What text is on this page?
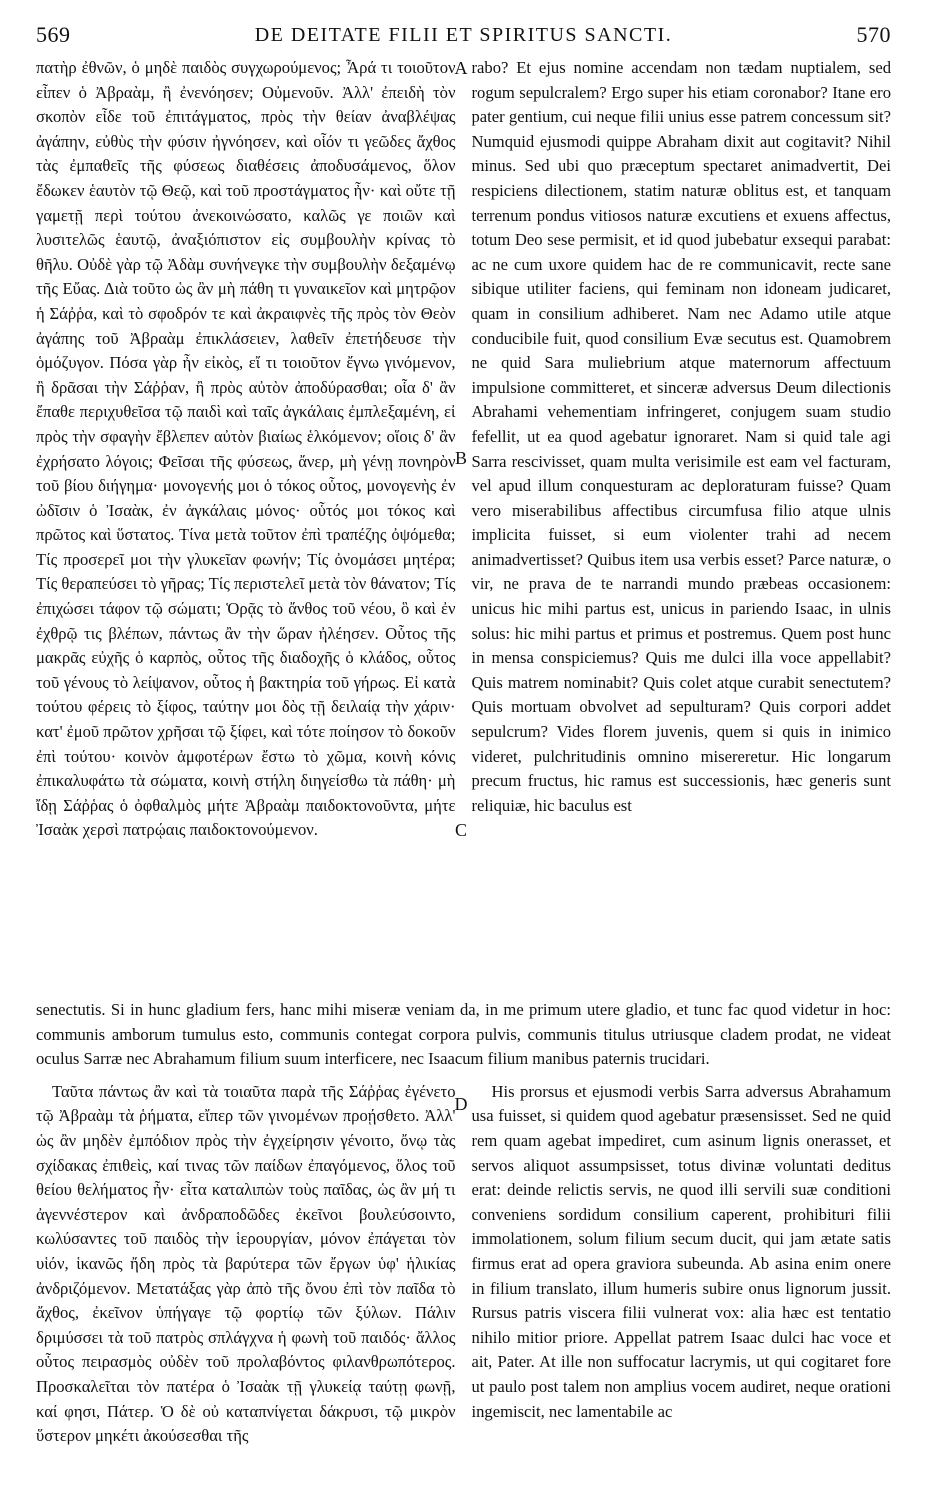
569	DE DEITATE FILII ET SPIRITUS SANCTI.	570

πατὴρ ἐθνῶν, ὁ μηδὲ παιδὸς συγχωρούμενος; Ἆρά τι τοιοῦτον εἶπεν ὁ Ἀβραὰμ, ἢ ἐνενόησεν; Οὐμενοῦν. Ἀλλ' ἐπειδὴ τὸν σκοπὸν εἶδε τοῦ ἐπιτάγματος, πρὸς τὴν θείαν ἀναβλέψας ἀγάπην, εὐθὺς τὴν φύσιν ἠγνόησεν, καὶ οἷόν τι γεῶδες ἄχθος τὰς ἐμπαθεῖς τῆς φύσεως διαθέσεις ἀποδυσάμενος, ὅλον ἔδωκεν ἑαυτὸν τῷ Θεῷ, καὶ τοῦ προστάγματος ἦν· καὶ οὔτε τῇ γαμετῇ περὶ τούτου ἀνεκοινώσατο, καλῶς γε ποιῶν καὶ λυσιτελῶς ἑαυτῷ, ἀναξιόπιστον εἰς συμβουλὴν κρίνας τὸ θῆλυ. Οὐδὲ γὰρ τῷ Ἀδὰμ συνήνεγκε τὴν συμβουλὴν δεξαμένῳ τῆς Εὔας. Διὰ τοῦτο ὡς ἂν μὴ πάθη τι γυναικεῖον καὶ μητρῷον ἡ Σάῤῥα, καὶ τὸ σφοδρόν τε καὶ ἀκραιφνὲς τῆς πρὸς τὸν Θεὸν ἀγάπης τοῦ Ἀβραὰμ ἐπικλάσειεν, λαθεῖν ἐπετήδευσε τὴν ὁμόζυγον. Πόσα γὰρ ἦν εἰκὸς, εἴ τι τοιοῦτον ἔγνω γινόμενον, ἢ δρᾶσαι τὴν Σάῤῥαν, ἢ πρὸς αὐτὸν ἀποδύρασθαι; οἷα δ' ἂν ἔπαθε περιχυθεῖσα τῷ παιδὶ καὶ ταῖς ἀγκάλαις ἐμπλεξαμένη, εἰ πρὸς τὴν σφαγὴν ἔβλεπεν αὐτὸν βιαίως ἑλκόμενον; οἵοις δ' ἂν ἐχρήσατο λόγοις; Φεῖσαι τῆς φύσεως, ἄνερ, μὴ γένῃ πονηρὸν τοῦ βίου διήγημα· μονογενής μοι ὁ τόκος οὗτος, μονογενὴς ἐν ὠδῖσιν ὁ Ἰσαὰκ, ἐν ἀγκάλαις μόνος· οὗτός μοι τόκος καὶ πρῶτος καὶ ὕστατος. Τίνα μετὰ τοῦτον ἐπὶ τραπέζης ὀψόμεθα; Τίς προσερεῖ μοι τὴν γλυκεῖαν φωνήν; Τίς ὀνομάσει μητέρα; Τίς θεραπεύσει τὸ γῆρας; Τίς περιστελεῖ μετὰ τὸν θάνατον; Τίς ἐπιχώσει τάφον τῷ σώματι; Ὁρᾷς τὸ ἄνθος τοῦ νέου, ὃ καὶ ἐν ἐχθρῷ τις βλέπων, πάντως ἂν τὴν ὥραν ἠλέησεν. Οὗτος τῆς μακρᾶς εὐχῆς ὁ καρπὸς, οὗτος τῆς διαδοχῆς ὁ κλάδος, οὗτος τοῦ γένους τὸ λείψανον, οὗτος ἡ βακτηρία τοῦ γήρως. Εἰ κατὰ τούτου φέρεις τὸ ξίφος, ταύτην μοι δὸς τῇ δειλαίᾳ τὴν χάριν· κατ' ἐμοῦ πρῶτον χρῆσαι τῷ ξίφει, καὶ τότε ποίησον τὸ δοκοῦν ἐπὶ τούτου· κοινὸν ἀμφοτέρων ἔστω τὸ χῶμα, κοινὴ κόνις ἐπικαλυφάτω τὰ σώματα, κοινὴ στήλη διηγείσθω τὰ πάθη· μὴ ἴδῃ Σάῤῥας ὁ ὀφθαλμὸς μήτε Ἀβραὰμ παιδοκτονοῦντα, μήτε Ἰσαὰκ χερσὶ πατρῴαις παιδοκτονούμενον.

A
B
C

rabo? Et ejus nomine accendam non tædam nuptialem, sed rogum sepulcralem? Ergo super his etiam coronabor? Itane ero pater gentium, cui neque filii unius esse patrem concessum sit? Numquid ejusmodi quippe Abraham dixit aut cogitavit? Nihil minus. Sed ubi quo præceptum spectaret animadvertit, Dei respiciens dilectionem, statim naturæ oblitus est, et tanquam terrenum pondus vitiosos naturæ excutiens et exuens affectus, totum Deo sese permisit, et id quod jubebatur exsequi parabat: ac ne cum uxore quidem hac de re communicavit, recte sane sibique utiliter faciens, qui feminam non idoneam judicaret, quam in consilium adhiberet. Nam nec Adamo utile atque conducibile fuit, quod consilium Evæ secutus est. Quamobrem ne quid Sara muliebrium atque maternorum affectuum impulsione committeret, et sinceræ adversus Deum dilectionis Abrahami vehementiam infringeret, conjugem suam studio fefellit, ut ea quod agebatur ignoraret. Nam si quid tale agi Sarra rescivisset, quam multa verisimile est eam vel facturam, vel apud illum conquesturam ac deploraturam fuisse? Quam vero miserabilibus affectibus circumfusa filio atque ulnis implicita fuisset, si eum violenter trahi ad necem animadvertisset? Quibus item usa verbis esset? Parce naturæ, o vir, ne prava de te narrandi mundo præbeas occasionem: unicus hic mihi partus est, unicus in pariendo Isaac, in ulnis solus: hic mihi partus et primus et postremus. Quem post hunc in mensa conspiciemus? Quis me dulci illa voce appellabit? Quis matrem nominabit? Quis colet atque curabit senectutem? Quis mortuam obvolvet ad sepulturam? Quis corpori addet sepulcrum? Vides florem juvenis, quem si quis in inimico videret, pulchritudinis omnino misereretur. Hic longarum precum fructus, hic ramus est successionis, hæc generis sunt reliquiæ, hic baculus est

senectutis. Si in hunc gladium fers, hanc mihi miseræ veniam da, in me primum utere gladio, et tunc fac quod videtur in hoc: communis amborum tumulus esto, communis contegat corpora pulvis, communis titulus utriusque cladem prodat, ne videat oculus Sarræ nec Abrahamum filium suum interficere, nec Isaacum filium manibus paternis trucidari.

Ταῦτα πάντως ἂν καὶ τὰ τοιαῦτα παρὰ τῆς Σάῤῥας ἐγένετο τῷ Ἀβραὰμ τὰ ῥήματα, εἴπερ τῶν γινομένων προῄσθετο. Ἀλλ' ὡς ἂν μηδὲν ἐμπόδιον πρὸς τὴν ἐγχείρησιν γένοιτο, ὄνῳ τὰς σχίδακας ἐπιθεὶς, καί τινας τῶν παίδων ἐπαγόμενος, ὅλος τοῦ θείου θελήματος ἦν· εἶτα καταλιπὼν τοὺς παῖδας, ὡς ἂν μή τι ἀγεννέστερον καὶ ἀνδραποδῶδες ἐκεῖνοι βουλεύσοιντο, κωλύσαντες τοῦ παιδὸς τὴν ἱερουργίαν, μόνον ἐπάγεται τὸν υἱόν, ἱκανῶς ἤδη πρὸς τὰ βαρύτερα τῶν ἔργων ὑφ' ἡλικίας ἀνδριζόμενον. Μετατάξας γὰρ ἀπὸ τῆς ὄνου ἐπὶ τὸν παῖδα τὸ ἄχθος, ἐκεῖνον ὑπήγαγε τῷ φορτίῳ τῶν ξύλων. Πάλιν δριμύσσει τὰ τοῦ πατρὸς σπλάγχνα ἡ φωνὴ τοῦ παιδός· ἄλλος οὗτος πειρασμὸς οὐδὲν τοῦ προλαβόντος φιλανθρωπότερος. Προσκαλεῖται τὸν πατέρα ὁ Ἰσαὰκ τῇ γλυκείᾳ ταύτῃ φωνῇ, καί φησι, Πάτερ. Ὁ δὲ οὐ καταπνίγεται δάκρυσι, τῷ μικρὸν ὕστερον μηκέτι ἀκούσεσθαι τῆς

D

His prorsus et ejusmodi verbis Sarra adversus Abrahamum usa fuisset, si quidem quod agebatur præsensisset. Sed ne quid rem quam agebat impediret, cum asinum lignis onerasset, et servos aliquot assumpsisset, totus divinæ voluntati deditus erat: deinde relictis servis, ne quod illi servili suæ conditioni conveniens sordidum consilium caperent, prohibituri filii immolationem, solum filium secum ducit, qui jam ætate satis firmus erat ad opera graviora subeunda. Ab asina enim onere in filium translato, illum humeris subire onus lignorum jussit. Rursus patris viscera filii vulnerat vox: alia hæc est tentatio nihilo mitior priore. Appellat patrem Isaac dulci hac voce et ait, Pater. At ille non suffocatur lacrymis, ut qui cogitaret fore ut paulo post talem non amplius vocem audiret, neque orationi ingemiscit, nec lamentabile ac
